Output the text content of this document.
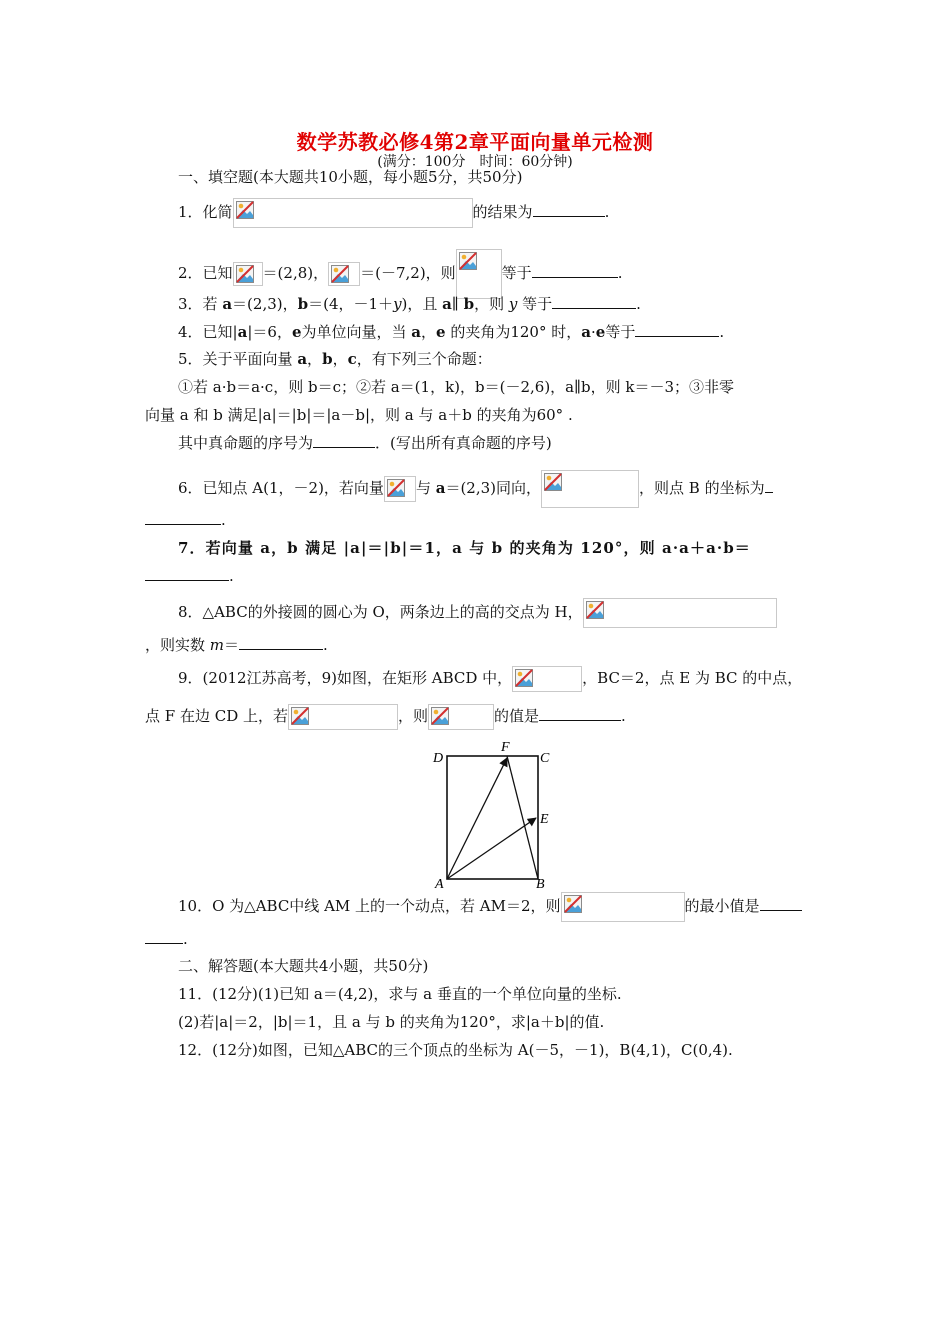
数学苏教必修4第2章平面向量单元检测
(满分：100分　时间：60分钟)
一、填空题(本大题共10小题，每小题5分，共50分)
1．化简	的结果为	.
2．已知 ＝(2,8)， ＝(－7,2)，则	等于	.
3．若 a＝(2,3)，b＝(4，－1＋y)，且 a∥ b，则 y 等于	.
4．已知|a|＝6，e为单位向量，当 a，e 的夹角为120° 时，a·e等于	.
5．关于平面向量 a，b，c，有下列三个命题：
①若 a·b＝a·c，则 b＝c；②若 a＝(1，k)，b＝(－2,6)，a∥b，则 k＝－3；③非零
向量 a 和 b 满足|a|＝|b|＝|a－b|，则 a 与 a＋b 的夹角为60° .
其中真命题的序号为	．(写出所有真命题的序号)
6．已知点 A(1，－2)，若向量 与 a＝(2,3)同向，	，则点 B 的坐标为
.
7．若向量 a，b 满足 |a|＝|b|＝1，a 与 b 的夹角为 120°，则 a·a＋a·b＝
.
8．△ABC的外接圆的圆心为 O，两条边上的高的交点为 H，
，则实数 m＝	.
9．(2012江苏高考，9)如图，在矩形 ABCD 中，	，BC＝2，点 E 为 BC 的中点，
点 F 在边 CD 上，若	，则	的值是	.
D
F
C
E
A	B
10．O 为△ABC中线 AM 上的一个动点，若 AM＝2，则	的最小值是
.
二、解答题(本大题共4小题，共50分)
11．(12分)(1)已知 a＝(4,2)，求与 a 垂直的一个单位向量的坐标.
(2)若|a|＝2，|b|＝1，且 a 与 b 的夹角为120°，求|a＋b|的值.
12．(12分)如图，已知△ABC的三个顶点的坐标为 A(－5，－1)，B(4,1)，C(0,4).
